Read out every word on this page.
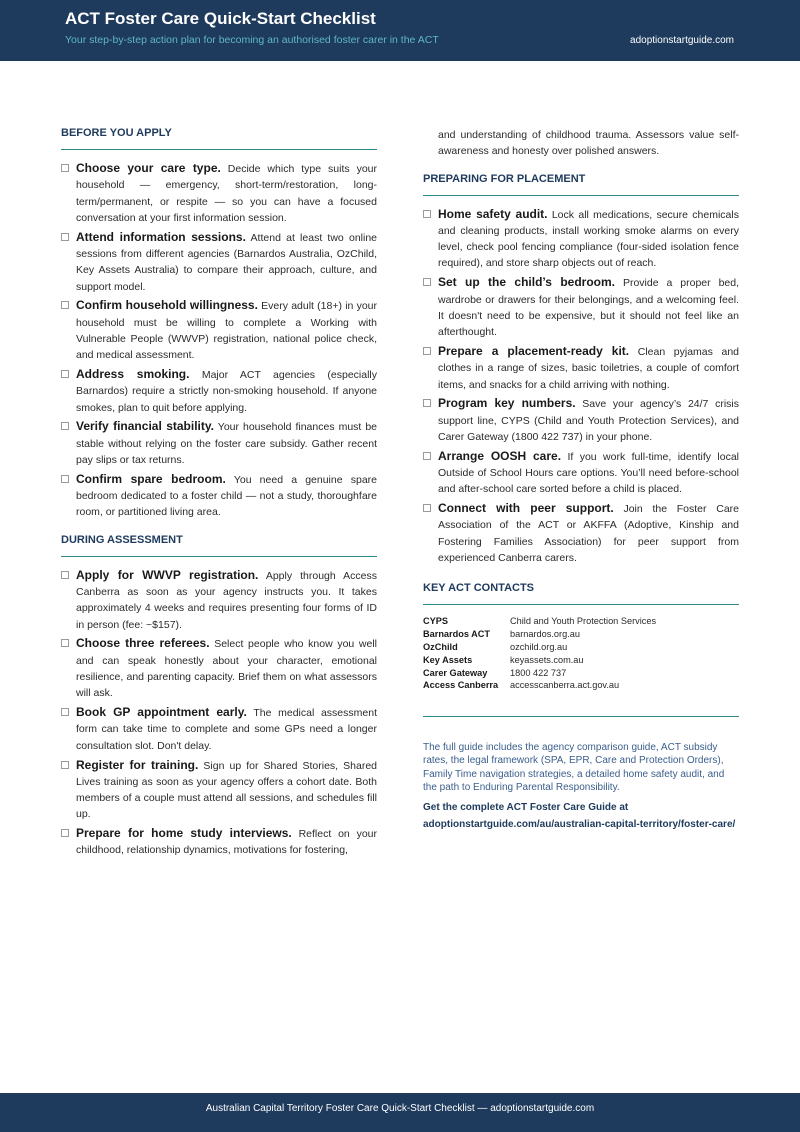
ACT Foster Care Quick-Start Checklist
Your step-by-step action plan for becoming an authorised foster carer in the ACT	adoptionstartguide.com
BEFORE YOU APPLY
Choose your care type. Decide which type suits your household — emergency, short-term/restoration, long-term/permanent, or respite — so you can have a focused conversation at your first information session.
Attend information sessions. Attend at least two online sessions from different agencies (Barnardos Australia, OzChild, Key Assets Australia) to compare their approach, culture, and support model.
Confirm household willingness. Every adult (18+) in your household must be willing to complete a Working with Vulnerable People (WWVP) registration, national police check, and medical assessment.
Address smoking. Major ACT agencies (especially Barnardos) require a strictly non-smoking household. If anyone smokes, plan to quit before applying.
Verify financial stability. Your household finances must be stable without relying on the foster care subsidy. Gather recent pay slips or tax returns.
Confirm spare bedroom. You need a genuine spare bedroom dedicated to a foster child — not a study, thoroughfare room, or partitioned living area.
DURING ASSESSMENT
Apply for WWVP registration. Apply through Access Canberra as soon as your agency instructs you. It takes approximately 4 weeks and requires presenting four forms of ID in person (fee: ~$157).
Choose three referees. Select people who know you well and can speak honestly about your character, emotional resilience, and parenting capacity. Brief them on what assessors will ask.
Book GP appointment early. The medical assessment form can take time to complete and some GPs need a longer consultation slot. Don't delay.
Register for training. Sign up for Shared Stories, Shared Lives training as soon as your agency offers a cohort date. Both members of a couple must attend all sessions, and schedules fill up.
Prepare for home study interviews. Reflect on your childhood, relationship dynamics, motivations for fostering,

and understanding of childhood trauma. Assessors value self-awareness and honesty over polished answers.

PREPARING FOR PLACEMENT
Home safety audit. Lock all medications, secure chemicals and cleaning products, install working smoke alarms on every level, check pool fencing compliance (four-sided isolation fence required), and store sharp objects out of reach.
Set up the child’s bedroom. Provide a proper bed, wardrobe or drawers for their belongings, and a welcoming feel. It doesn't need to be expensive, but it should not feel like an afterthought.
Prepare a placement-ready kit. Clean pyjamas and clothes in a range of sizes, basic toiletries, a couple of comfort items, and snacks for a child arriving with nothing.
Program key numbers. Save your agency’s 24/7 crisis support line, CYPS (Child and Youth Protection Services), and Carer Gateway (1800 422 737) in your phone.
Arrange OOSH care. If you work full-time, identify local Outside of School Hours care options. You’ll need before-school and after-school care sorted before a child is placed.
Connect with peer support. Join the Foster Care Association of the ACT or AKFFA (Adoptive, Kinship and Fostering Families Association) for peer support from experienced Canberra carers.
KEY ACT CONTACTS
CYPS	Child and Youth Protection Services
Barnardos ACT	barnardos.org.au
OzChild	ozchild.org.au
Key Assets	keyassets.com.au
Carer Gateway	1800 422 737
Access Canberra	accesscanberra.act.gov.au

The full guide includes the agency comparison guide, ACT subsidy rates, the legal framework (SPA, EPR, Care and Protection Orders), Family Time navigation strategies, a detailed home safety audit, and the path to Enduring Parental Responsibility.

Get the complete ACT Foster Care Guide at

adoptionstartguide.com/au/australian-capital-territory/foster-care/

Australian Capital Territory Foster Care Quick-Start Checklist — adoptionstartguide.com
